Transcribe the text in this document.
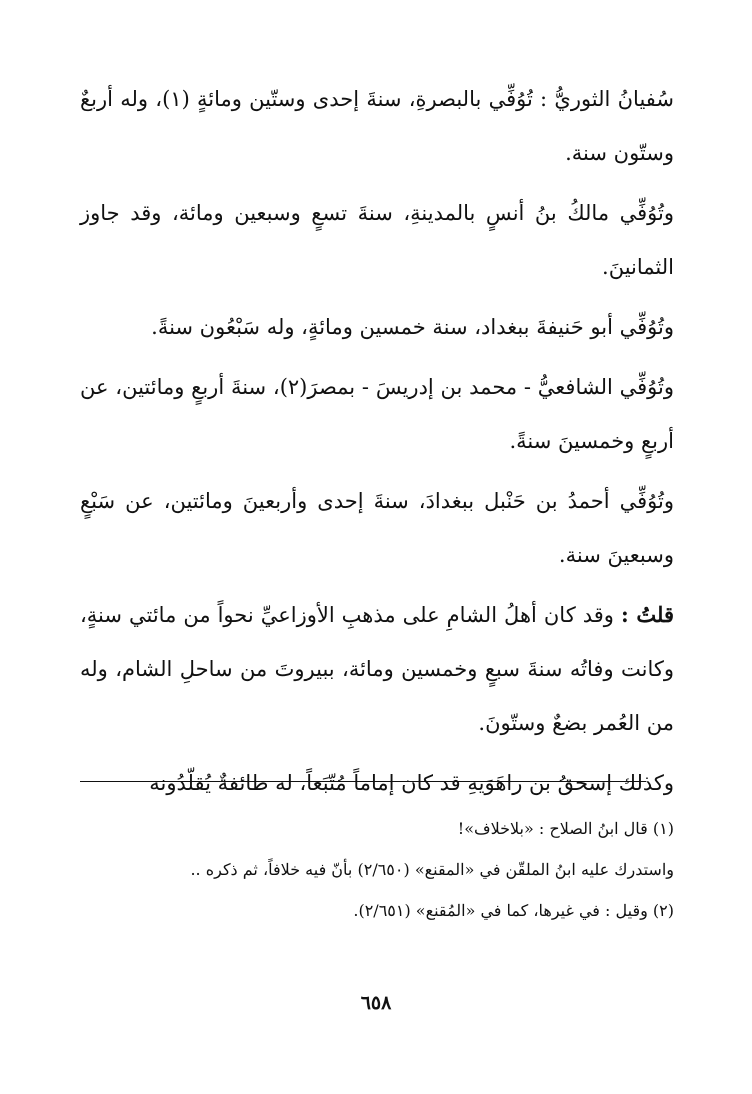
سُفيانُ الثوريُّ : تُوُفِّي بالبصرةِ، سنةَ إحدى وستّين ومائةٍ (١)، وله أربعٌ وستّون سنة.

وتُوُفِّي مالكُ بنُ أنسٍ بالمدينةِ، سنةَ تسعٍ وسبعين ومائة، وقد جاوز الثمانينَ.

وتُوُفِّي أبو حَنيفةَ ببغداد، سنة خمسين ومائةٍ، وله سَبْعُون سنةً.

وتُوُفِّي الشافعيُّ - محمد بن إدريسَ - بمصرَ(٢)، سنةَ أربعٍ ومائتين، عن أربعٍ وخمسينَ سنةً.

وتُوُفِّي أحمدُ بن حَنْبل ببغدادَ، سنةَ إحدى وأربعينَ ومائتين، عن سَبْعٍ وسبعينَ سنة.

قلتُ : وقد كان أهلُ الشامِ على مذهبِ الأوزاعيِّ نحواً من مائتي سنةٍ، وكانت وفاتُه سنةَ سبعٍ وخمسين ومائة، ببيروتَ من ساحلِ الشام، وله من العُمر بضعٌ وستّونَ.

وكذلك إسحقُ بن راهَوَيهِ قد كان إماماً مُتّبَعاً، له طائفةٌ يُقلّدُونه

(١) قال ابنُ الصلاح : «بلاخلاف»!

واستدرك عليه ابنُ الملقّن في «المقنع» (٢/٦٥٠) بأنّ فيه خلافاً، ثم ذكره ..

(٢) وقيل : في غيرها، كما في «المُقنع» (٢/٦٥١).

٦٥٨
